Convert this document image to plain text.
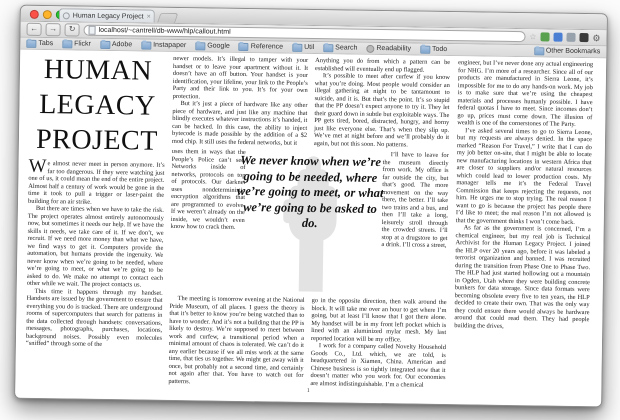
Human Legacy Project ×
←	→	↻	localhost/~cantrell/db-www/hlp/callout.html
☆	⚙
Tabs	Flickr	Adobe	Instapaper	Google	Reference	Util	Search	Readability	Todo	Other Bookmarks
We never know when we’re going to be needed, where we’re going to meet, or what we’re going to be asked to do.
HUMAN
LEGACY
PROJECT

We almost never meet in person anymore. It’s far too dangerous. If they were watching just one of us, it could mean the end of the entire project. Almost half a century of work would be gone in the time it took to pull a trigger or laser-paint the building for an air strike.

But there are times when we have to take the risk. The project operates almost entirely autonomously now, but sometimes it needs our help. If we have the skills it needs, we take care of it. If we don’t, we recruit. If we need more money than what we have, we find ways to get it. Computers provide the automation, but humans provide the ingenuity. We never know when we’re going to be needed, where we’re going to meet, or what we’re going to be asked to do. We make no attempt to contact each other while we wait. The project contacts us.

This time it happens through my handset. Handsets are issued by the government to ensure that everything you do is tracked. There are underground rooms of supercomputers that search for patterns in the data collected through handsets: conversations, messages, photographs, purchases, locations, background noises. Possibly even molecules “sniffed” through some of the

newer models. It’s illegal to tamper with your handset or to leave your apartment without it. It doesn’t have an off button. Your handset is your identification, your lifeline, your link to the People’s Party and their link to you. It’s for your own protection.

But it’s just a piece of hardware like any other piece of hardware, and just like any machine that blindly executes whatever instructions it’s handed, it can be hacked. In this case, the ability to inject bytecode is made possible by the addition of a $2 mod chip. It still uses the federal networks, but it

uses them in ways that the People’s Police can’t see. Networks inside of networks, protocols on top of protocols. Our darknet uses nondeterministic encryption algorithms that are programmed to evolve. If we weren’t already on the inside, we wouldn’t even know how to crack them.

The meeting is tomorrow evening at the National Pride Museum, of all places. I guess the theory is that it’s better to know you’re being watched than to have to wonder. And it’s not a building that the PP is likely to destroy. We’re supposed to meet between work and curfew, a transitional period when a minimal amount of chaos is tolerated. We can’t do it any earlier because if we all miss work at the same time, that ties us together. We might get away with it once, but probably not a second time, and certainly not again after that. You have to watch out for patterns.

Anything you do from which a pattern can be established will eventually end up flagged.

It’s possible to meet after curfew if you know what you’re doing. Most people would consider an illegal gathering at night to be tantamount to suicide, and it is. But that’s the point. It’s so stupid that the PP doesn’t expect anyone to try it. They let their guard down in subtle but exploitable ways. The PP gets tired, bored, distracted, hungry, and horny just like everyone else. That’s when they slip up. We’ve met at night before and we’ll probably do it again, but not this soon. No patterns.

I’ll have to leave for the museum directly from work. My office is far outside the city, but that’s good. The more movement on the way there, the better. I’ll take two trains and a bus, and then I’ll take a long, leisurely stroll through the crowded streets. I’ll stop at a drugstore to get a drink. I’ll cross a street,

go in the opposite direction, then walk around the block. It will take me over an hour to get where I’m going, but at least I’ll know that I got there alone. My handset will be in my front left pocket which is lined with an aluminized mylar mesh. My last reported location will be my office.

I work for a company called Novelty Household Goods Co., Ltd. which, we are told, is headquartered in Xiamen, China. American and Chinese business is so tightly integrated now that it doesn’t matter who you work for. Our economies are almost indistinguishable. I’m a chemical

engineer, but I’ve never done any actual engineering for NHG. I’m more of a researcher. Since all of our products are manufactured in Sierra Leone, it’s impossible for me to do any hands-on work. My job is to make sure that we’re using the cheapest materials and processes humanly possible. I have federal quotas I have to meet. Since incomes don’t go up, prices must come down. The illusion of wealth is one of the cornerstones of The Party.

I’ve asked several times to go to Sierra Leone, but my requests are always denied. In the space marked “Reason For Travel,” I write that I can do my job better on-site, that I might be able to locate new manufacturing locations in western Africa that are closer to suppliers and/or natural resources which could lead to lower production costs. My manager tells me it’s the Federal Travel Commission that keeps rejecting the requests, not him. He urges me to stop trying. The real reason I want to go is because the project has people there I’d like to meet; the real reason I’m not allowed is that the government thinks I won’t come back.

As far as the government is concerned, I’m a chemical engineer, but my real job is Technical Archivist for the Human Legacy Project. I joined the HLP over 20 years ago, before it was labeled a terrorist organization and banned. I was recruited during the transition from Phase One to Phase Two. The HLP had just started hollowing out a mountain in Ogden, Utah where they were building concrete bunkers for data storage. Since data formats were becoming obsolete every five to ten years, the HLP decided to create their own. That was the only way they could ensure there would always be hardware around that could read them. They had people building the drives,

1
